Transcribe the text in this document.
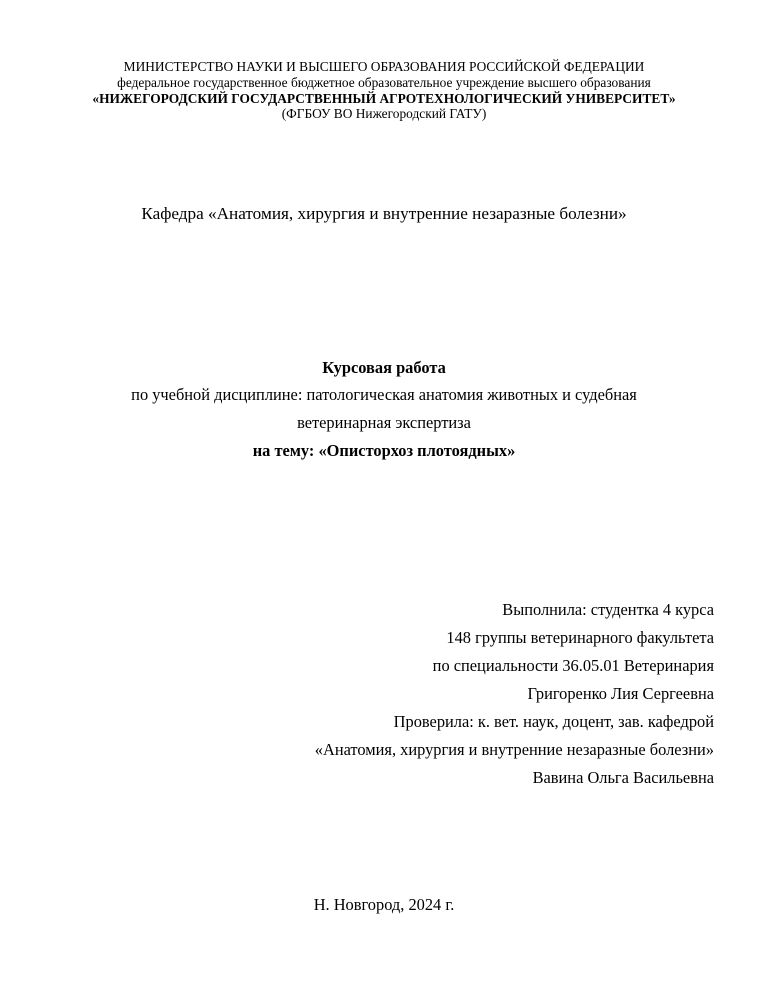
МИНИСТЕРСТВО НАУКИ И ВЫСШЕГО ОБРАЗОВАНИЯ РОССИЙСКОЙ ФЕДЕРАЦИИ
федеральное государственное бюджетное образовательное учреждение высшего образования
«НИЖЕГОРОДСКИЙ ГОСУДАРСТВЕННЫЙ АГРОТЕХНОЛОГИЧЕСКИЙ УНИВЕРСИТЕТ»
(ФГБОУ ВО Нижегородский ГАТУ)
Кафедра «Анатомия, хирургия и внутренние незаразные болезни»
Курсовая работа
по учебной дисциплине: патологическая анатомия животных и судебная
ветеринарная экспертиза
на тему: «Описторхоз плотоядных»
Выполнила: студентка 4 курса
148 группы ветеринарного факультета
по специальности 36.05.01 Ветеринария
Григоренко Лия Сергеевна
Проверила: к. вет. наук, доцент, зав. кафедрой
«Анатомия, хирургия и внутренние незаразные болезни»
Вавина Ольга Васильевна
Н. Новгород, 2024 г.
